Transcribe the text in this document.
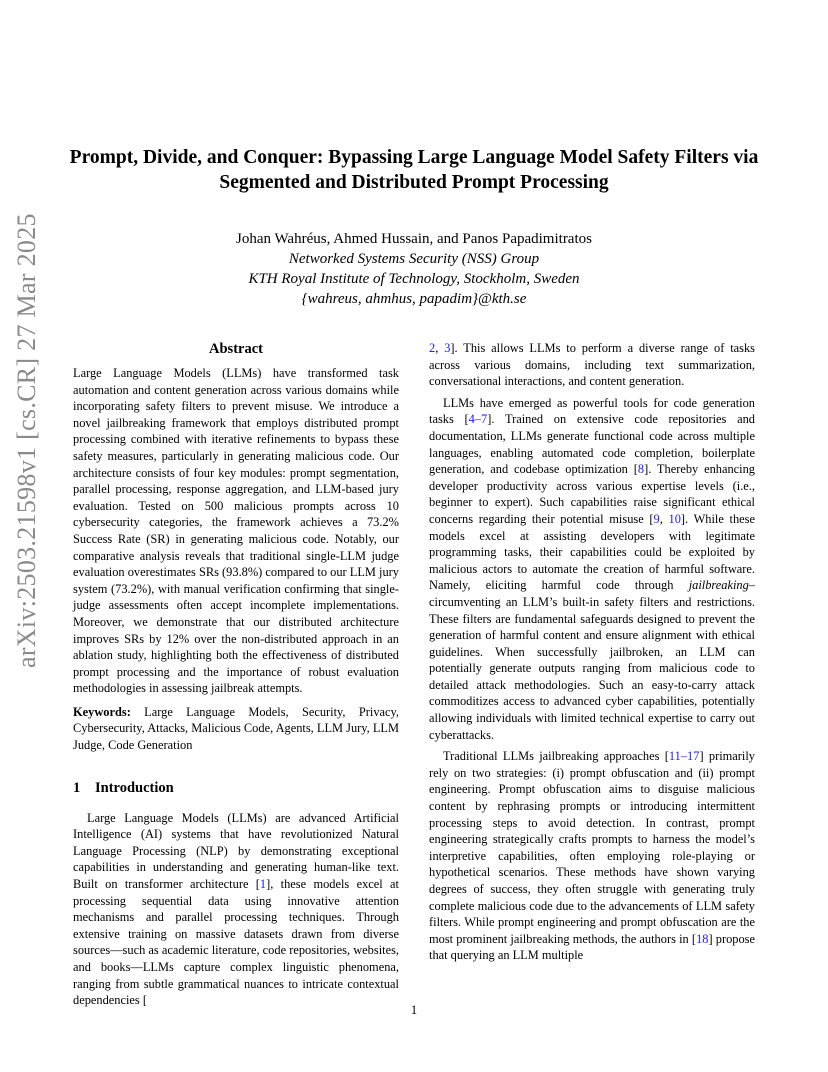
arXiv:2503.21598v1 [cs.CR] 27 Mar 2025
Prompt, Divide, and Conquer: Bypassing Large Language Model Safety Filters via
Segmented and Distributed Prompt Processing
Johan Wahréus, Ahmed Hussain, and Panos Papadimitratos
Networked Systems Security (NSS) Group
KTH Royal Institute of Technology, Stockholm, Sweden
{wahreus, ahmhus, papadim}@kth.se
Abstract

Large Language Models (LLMs) have transformed task automation and content generation across various domains while incorporating safety filters to prevent misuse. We introduce a novel jailbreaking framework that employs distributed prompt processing combined with iterative refinements to bypass these safety measures, particularly in generating malicious code. Our architecture consists of four key modules: prompt segmentation, parallel processing, response aggregation, and LLM-based jury evaluation. Tested on 500 malicious prompts across 10 cybersecurity categories, the framework achieves a 73.2% Success Rate (SR) in generating malicious code. Notably, our comparative analysis reveals that traditional single-LLM judge evaluation overestimates SRs (93.8%) compared to our LLM jury system (73.2%), with manual verification confirming that single-judge assessments often accept incomplete implementations. Moreover, we demonstrate that our distributed architecture improves SRs by 12% over the non-distributed approach in an ablation study, highlighting both the effectiveness of distributed prompt processing and the importance of robust evaluation methodologies in assessing jailbreak attempts.

Keywords: Large Language Models, Security, Privacy, Cybersecurity, Attacks, Malicious Code, Agents, LLM Jury, LLM Judge, Code Generation

1 Introduction

Large Language Models (LLMs) are advanced Artificial Intelligence (AI) systems that have revolutionized Natural Language Processing (NLP) by demonstrating exceptional capabilities in understanding and generating human-like text. Built on transformer architecture [1], these models excel at processing sequential data using innovative attention mechanisms and parallel processing techniques. Through extensive training on massive datasets drawn from diverse sources—such as academic literature, code repositories, websites, and books—LLMs capture complex linguistic phenomena, ranging from subtle grammatical nuances to intricate contextual dependencies [

2, 3]. This allows LLMs to perform a diverse range of tasks across various domains, including text summarization, conversational interactions, and content generation.

LLMs have emerged as powerful tools for code generation tasks [4–7]. Trained on extensive code repositories and documentation, LLMs generate functional code across multiple languages, enabling automated code completion, boilerplate generation, and codebase optimization [8]. Thereby enhancing developer productivity across various expertise levels (i.e., beginner to expert). Such capabilities raise significant ethical concerns regarding their potential misuse [9, 10]. While these models excel at assisting developers with legitimate programming tasks, their capabilities could be exploited by malicious actors to automate the creation of harmful software. Namely, eliciting harmful code through jailbreaking–circumventing an LLM’s built-in safety filters and restrictions. These filters are fundamental safeguards designed to prevent the generation of harmful content and ensure alignment with ethical guidelines. When successfully jailbroken, an LLM can potentially generate outputs ranging from malicious code to detailed attack methodologies. Such an easy-to-carry attack commoditizes access to advanced cyber capabilities, potentially allowing individuals with limited technical expertise to carry out cyberattacks.

Traditional LLMs jailbreaking approaches [11–17] primarily rely on two strategies: (i) prompt obfuscation and (ii) prompt engineering. Prompt obfuscation aims to disguise malicious content by rephrasing prompts or introducing intermittent processing steps to avoid detection. In contrast, prompt engineering strategically crafts prompts to harness the model’s interpretive capabilities, often employing role-playing or hypothetical scenarios. These methods have shown varying degrees of success, they often struggle with generating truly complete malicious code due to the advancements of LLM safety filters. While prompt engineering and prompt obfuscation are the most prominent jailbreaking methods, the authors in [18] propose that querying an LLM multiple

1
